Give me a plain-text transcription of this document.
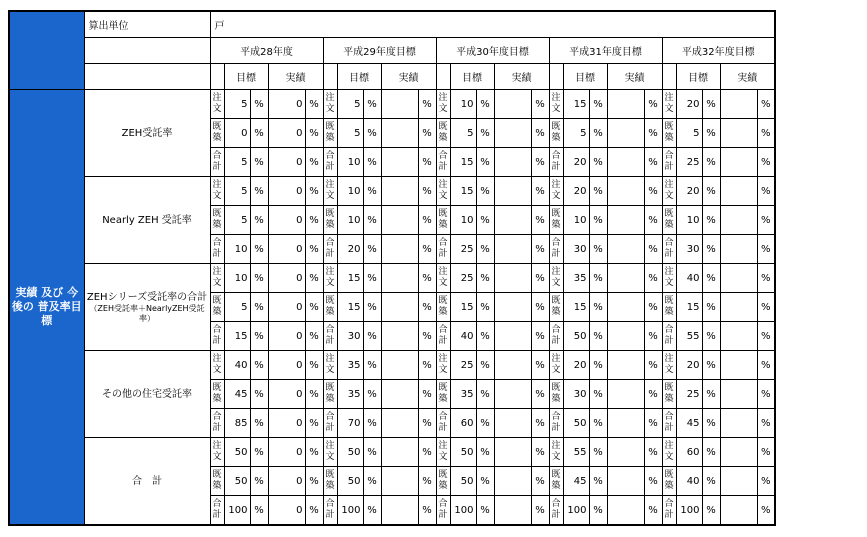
	算出単位	戸																								
		平成28年度					平成29年度目標					平成30年度目標					平成31年度目標					平成32年度目標				
			目標		実績			目標		実績			目標		実績			目標		実績			目標		実績	
実績 及び 今後の 普及率目標	ZEH受託率	注文	5	%	0	%	注文	5	%		%	注文	10	%		%	注文	15	%		%	注文	20	%		%
		既築	0	%	0	%	既築	5	%		%	既築	5	%		%	既築	5	%		%	既築	5	%		%
		合計	5	%	0	%	合計	10	%		%	合計	15	%		%	合計	20	%		%	合計	25	%		%
	Nearly ZEH 受託率	注文	5	%	0	%	注文	10	%		%	注文	15	%		%	注文	20	%		%	注文	20	%		%
		既築	5	%	0	%	既築	10	%		%	既築	10	%		%	既築	10	%		%	既築	10	%		%
		合計	10	%	0	%	合計	20	%		%	合計	25	%		%	合計	30	%		%	合計	30	%		%
	ZEHシリーズ受託率の合計
（ZEH受託率＋NearlyZEH受託率）	注文	10	%	0	%	注文	15	%		%	注文	25	%		%	注文	35	%		%	注文	40	%		%
		既築	5	%	0	%	既築	15	%		%	既築	15	%		%	既築	15	%		%	既築	15	%		%
		合計	15	%	0	%	合計	30	%		%	合計	40	%		%	合計	50	%		%	合計	55	%		%
	その他の住宅受託率	注文	40	%	0	%	注文	35	%		%	注文	25	%		%	注文	20	%		%	注文	20	%		%
		既築	45	%	0	%	既築	35	%		%	既築	35	%		%	既築	30	%		%	既築	25	%		%
		合計	85	%	0	%	合計	70	%		%	合計	60	%		%	合計	50	%		%	合計	45	%		%
	合　計	注文	50	%	0	%	注文	50	%		%	注文	50	%		%	注文	55	%		%	注文	60	%		%
		既築	50	%	0	%	既築	50	%		%	既築	50	%		%	既築	45	%		%	既築	40	%		%
		合計	100	%	0	%	合計	100	%		%	合計	100	%		%	合計	100	%		%	合計	100	%		%
